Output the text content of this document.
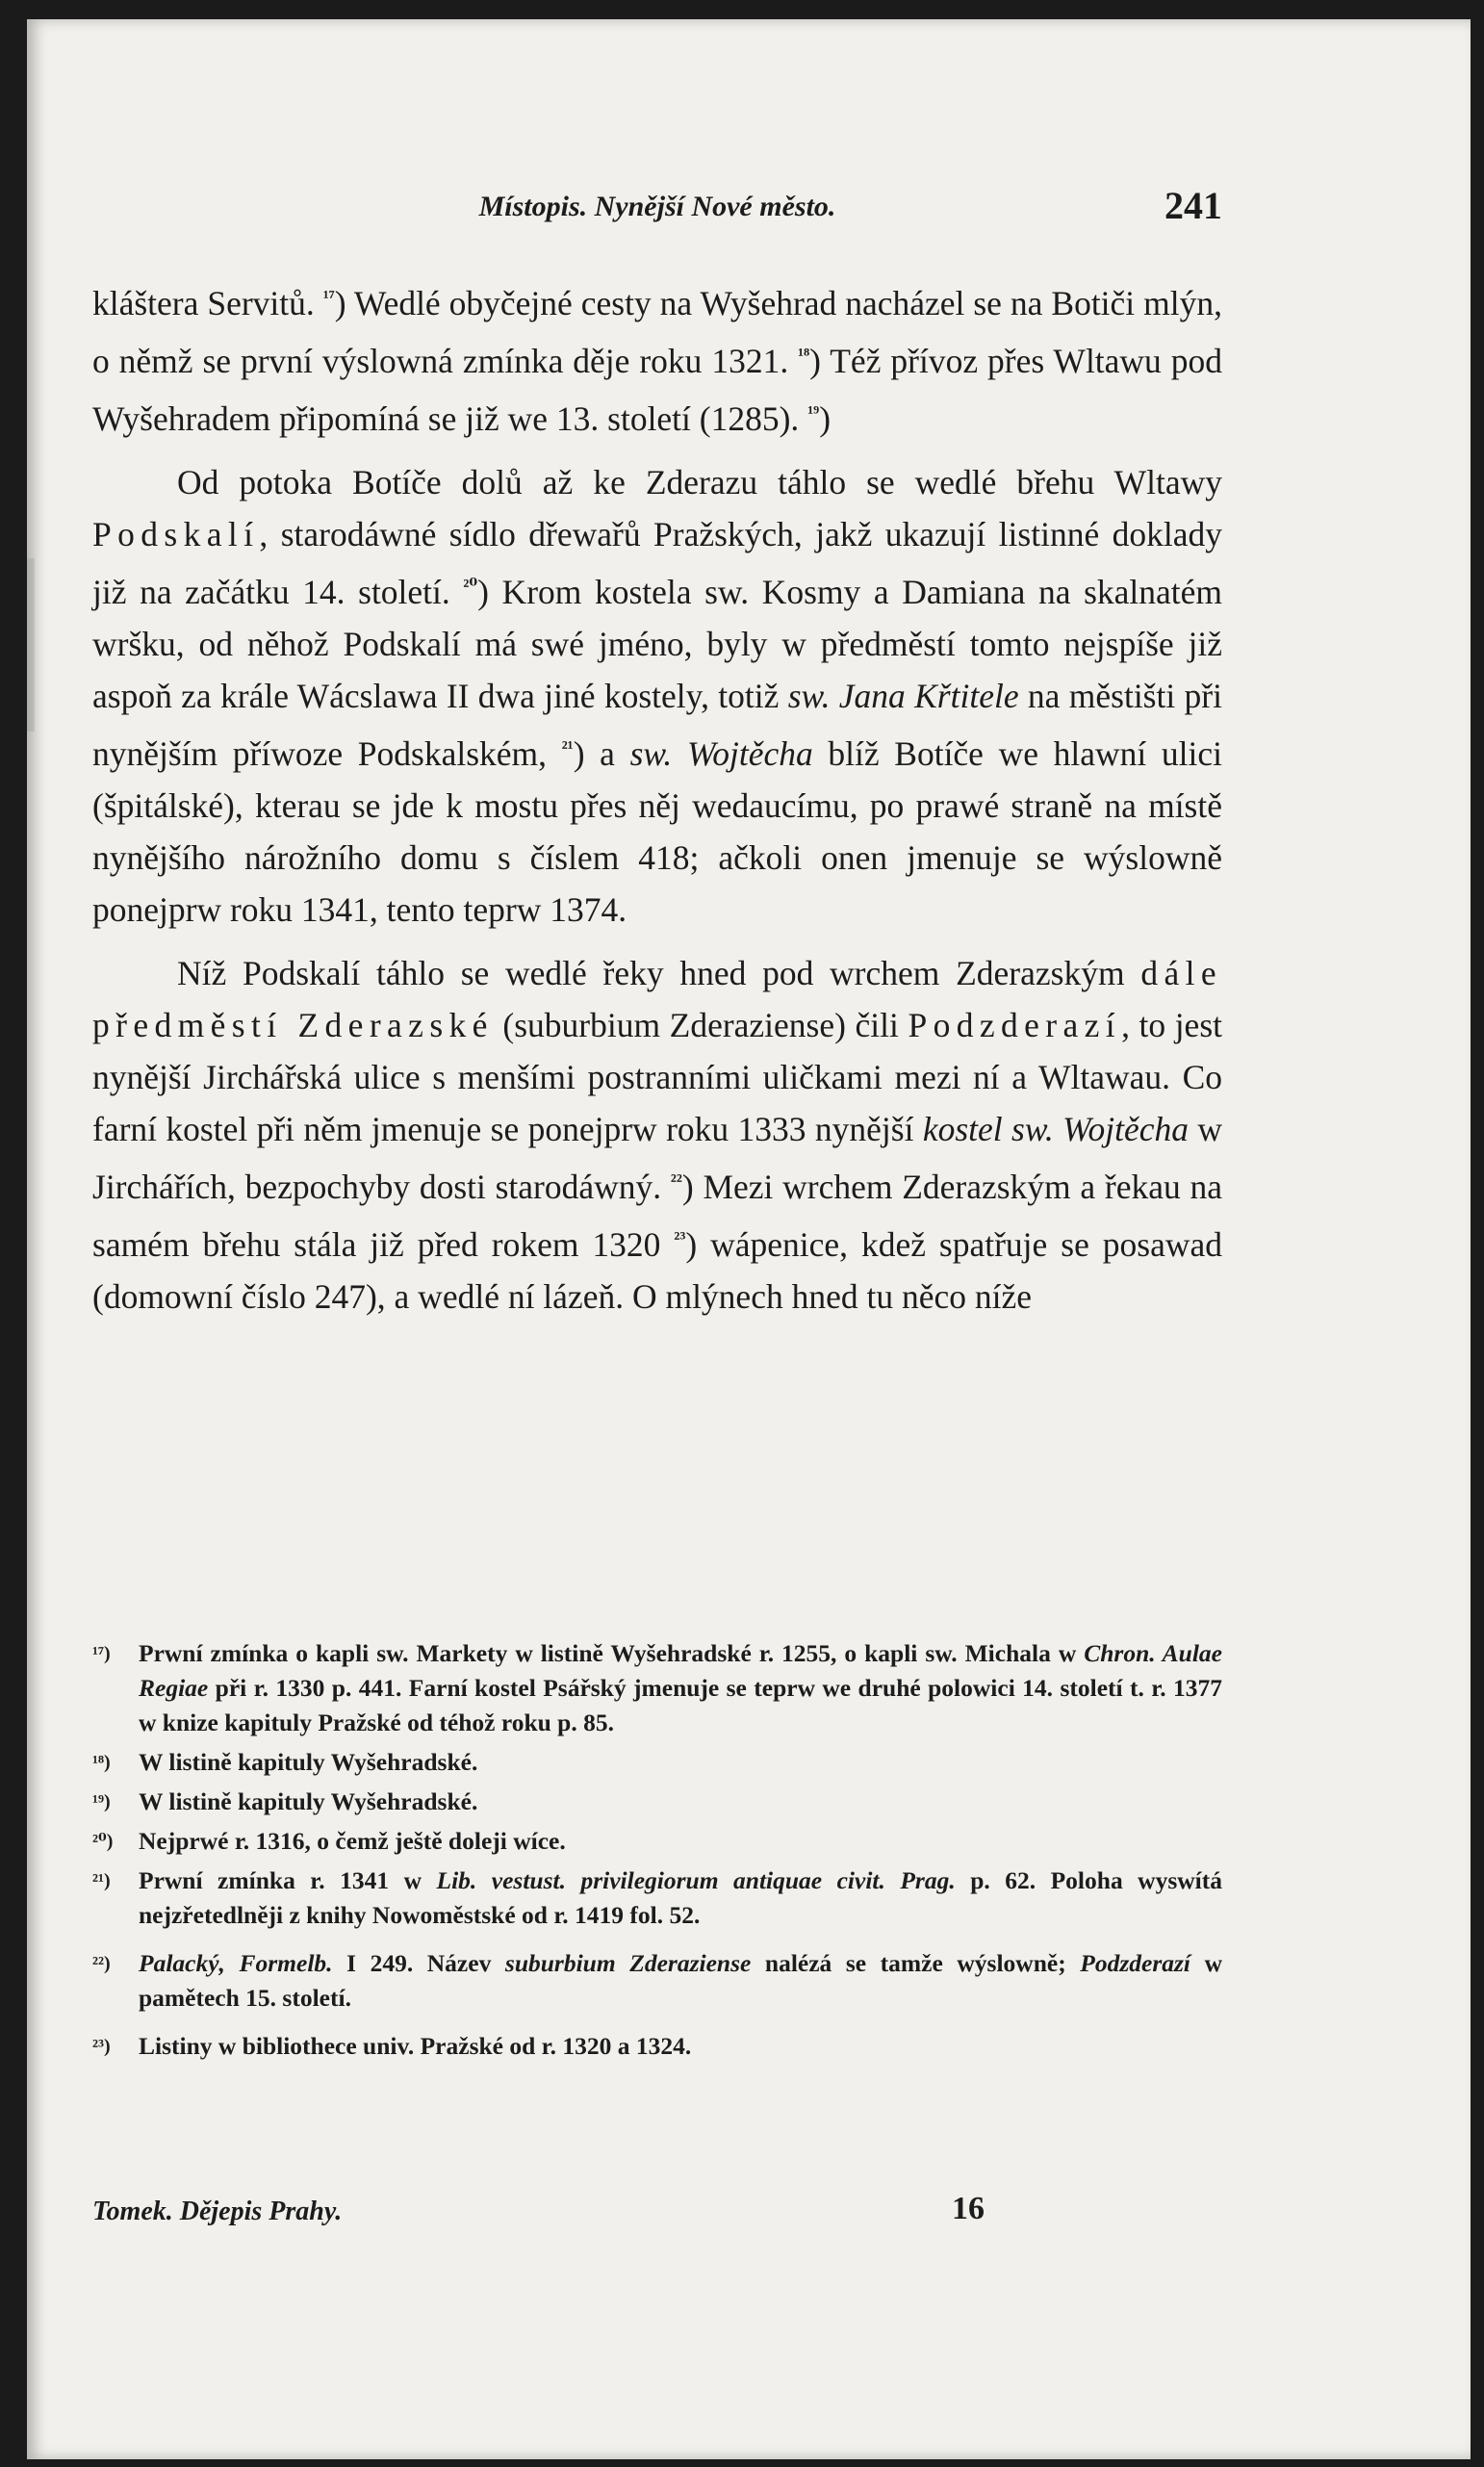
Místopis. Nynější Nové město.	241

kláštera Servitů. $^{^{17}}$) Wedlé obyčejné cesty na Wyšehrad nacházel se na Botiči mlýn, o němž se první výslowná zmínka děje roku 1321. $^{^{18}}$) Též přívoz přes Wltawu pod Wyšehradem připomíná se již we 13. století (1285). $^{^{19}}$)

Od potoka Botíče dolů až ke Zderazu táhlo se wedlé břehu Wltawy Podskalí, starodáwné sídlo dřewařů Pražských, jakž ukazují listinné doklady již na začátku 14. století. $^{^{20}}$) Krom kostela sw. Kosmy a Damiana na skalnatém wršku, od něhož Podskalí má swé jméno, byly w předměstí tomto nejspíše již aspoň za krále Wácslawa II dwa jiné kostely, totiž sw. Jana Křtitele na městišti při nynějším příwoze Podskalském, $^{^{21}}$) a sw. Wojtěcha blíž Botíče we hlawní ulici (špitálské), kterau se jde k mostu přes něj wedaucímu, po prawé straně na místě nynějšího nárožního domu s číslem 418; ačkoli onen jmenuje se wýslowně ponejprw roku 1341, tento teprw 1374.

Níž Podskalí táhlo se wedlé řeky hned pod wrchem Zderazským dále předměstí Zderazské (suburbium Zderaziense) čili Podzderazí, to jest nynější Jirchářská ulice s menšími postranními uličkami mezi ní a Wltawau. Co farní kostel při něm jmenuje se ponejprw roku 1333 nynější kostel sw. Wojtěcha w Jirchářích, bezpochyby dosti starodáwný. $^{^{22}}$) Mezi wrchem Zderazským a řekau na samém břehu stála již před rokem 1320 $^{^{23}}$) wápenice, kdež spatřuje se posawad (domowní číslo 247), a wedlé ní lázeň. O mlýnech hned tu něco níže

¹⁷) Prwní zmínka o kapli sw. Markety w listině Wyšehradské r. 1255, o kapli sw. Michala w Chron. Aulae Regiae při r. 1330 p. 441. Farní kostel Psářský jmenuje se teprw we druhé polowici 14. století t. r. 1377 w knize kapituly Pražské od téhož roku p. 85.
¹⁸) W listině kapituly Wyšehradské.
¹⁹) W listině kapituly Wyšehradské.
²⁰) Nejprwé r. 1316, o čemž ještě doleji wíce.
²¹) Prwní zmínka r. 1341 w Lib. vestust. privilegiorum antiquae civit. Prag. p. 62. Poloha wyswítá nejzřetedlněji z knihy Nowoměstské od r. 1419 fol. 52.
²²) Palacký, Formelb. I 249. Název suburbium Zderaziense nalézá se tamže wýslowně; Podzderazí w pamětech 15. století.
²³) Listiny w bibliothece univ. Pražské od r. 1320 a 1324.
Tomek. Dějepis Prahy.	16
